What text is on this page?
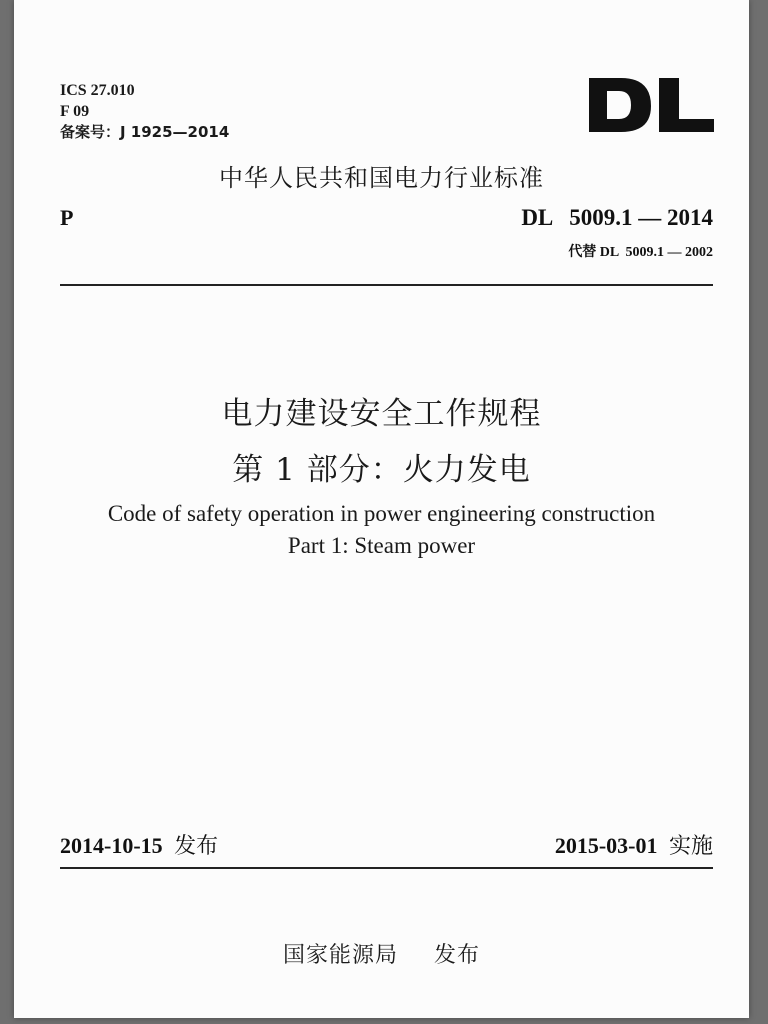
ICS 27.010
F 09
备案号：J 1925—2014
中华人民共和国电力行业标准
P	DL   5009.1 — 2014
代替 DL  5009.1 — 2002
电力建设安全工作规程
第 1 部分：火力发电
Code of safety operation in power engineering construction
Part 1: Steam power
2014-10-15 发布	2015-03-01 实施
国家能源局 发布
